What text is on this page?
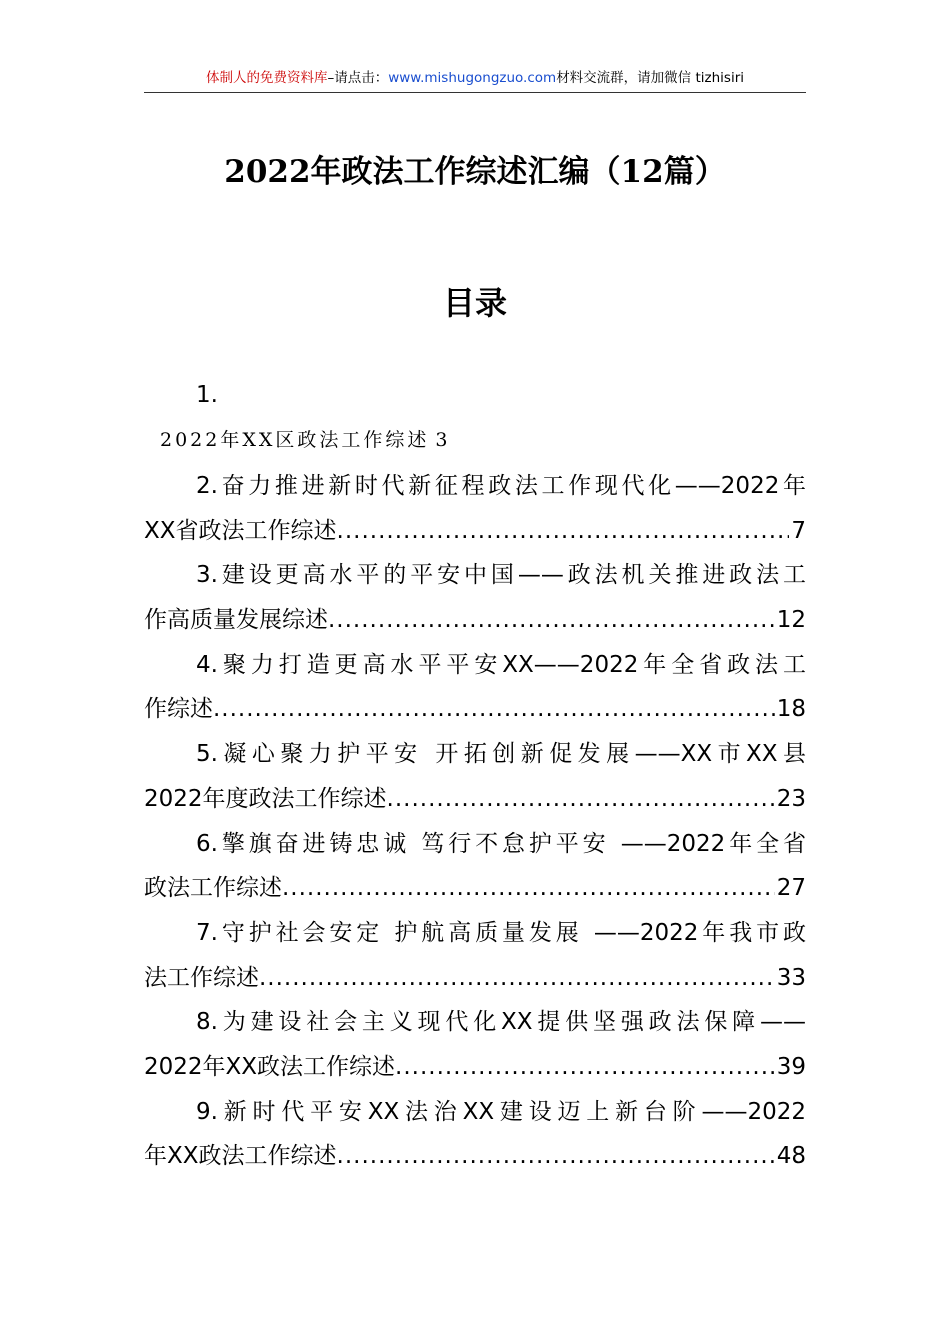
体制人的免费资料库–请点击：www.mishugongzuo.com材料交流群，请加微信 tizhisiri
2022年政法工作综述汇编（12篇）
目录
1.
2022年XX区政法工作综述 3
2.奋力推进新时代新征程政法工作现代化——2022年
XX省政法工作综述 .....	7
3.建设更高水平的平安中国——政法机关推进政法工
作高质量发展综述 .....	12
4.聚力打造更高水平平安XX——2022年全省政法工
作综述 .....	18
5.凝心聚力护平安 开拓创新促发展——XX市XX县
2022年度政法工作综述 .....	23
6.擎旗奋进铸忠诚 笃行不怠护平安 ——2022年全省
政法工作综述 .....	27
7.守护社会安定 护航高质量发展 ——2022年我市政
法工作综述 .....	33
8.为建设社会主义现代化XX提供坚强政法保障——
2022年XX政法工作综述 .....	39
9.新时代平安XX法治XX建设迈上新台阶——2022
年XX政法工作综述 .....	48
